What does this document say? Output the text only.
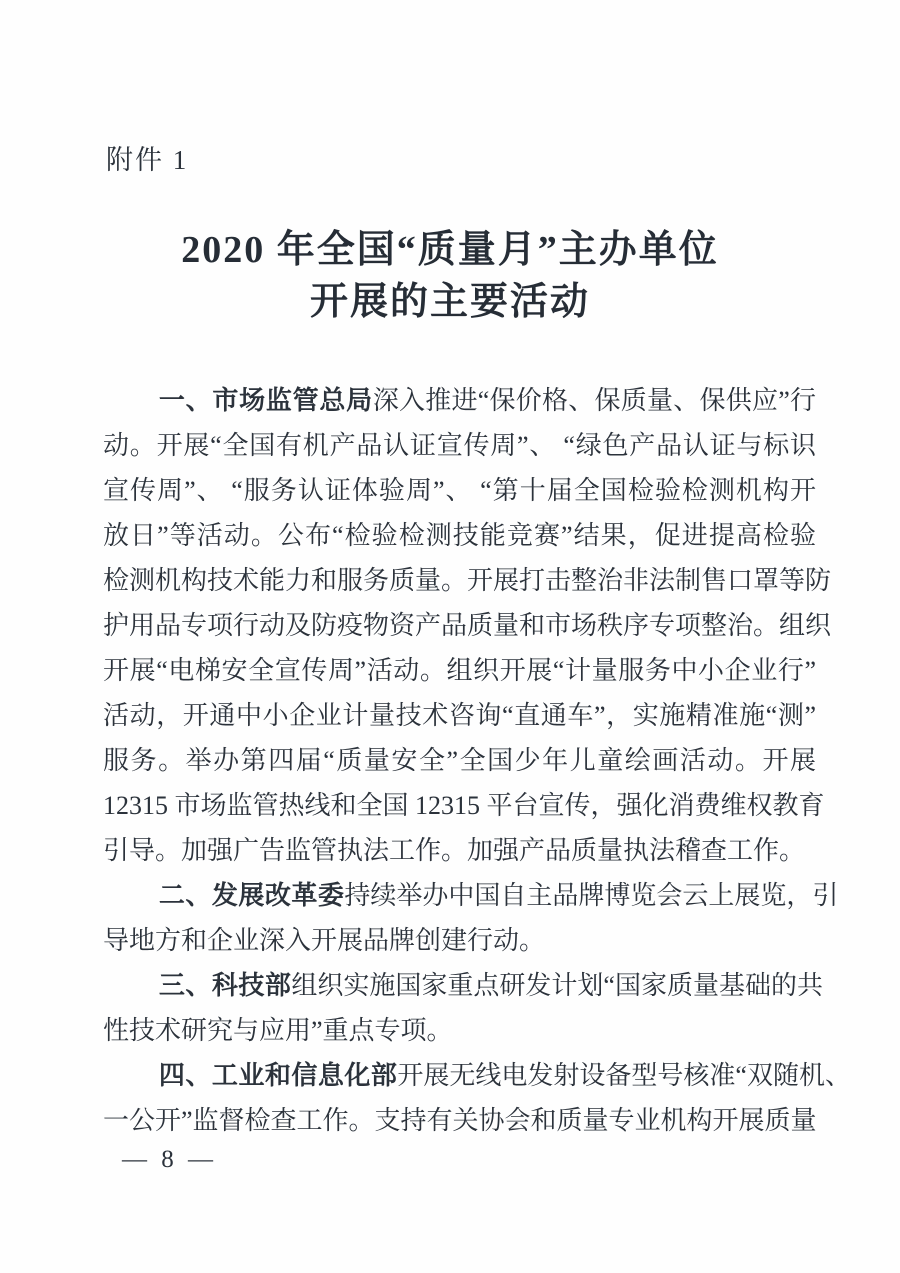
附件 1
2020 年全国“质量月”主办单位
开展的主要活动
一、市场监管总局深入推进“保价格、保质量、保供应”行
动。开展“全国有机产品认证宣传周”、 “绿色产品认证与标识
宣传周”、 “服务认证体验周”、 “第十届全国检验检测机构开
放日”等活动。公布“检验检测技能竞赛”结果，促进提高检验
检测机构技术能力和服务质量。开展打击整治非法制售口罩等防
护用品专项行动及防疫物资产品质量和市场秩序专项整治。组织
开展“电梯安全宣传周”活动。组织开展“计量服务中小企业行”
活动，开通中小企业计量技术咨询“直通车”，实施精准施“测”
服务。举办第四届“质量安全”全国少年儿童绘画活动。开展
12315 市场监管热线和全国 12315 平台宣传，强化消费维权教育
引导。加强广告监管执法工作。加强产品质量执法稽查工作。
二、发展改革委持续举办中国自主品牌博览会云上展览，引
导地方和企业深入开展品牌创建行动。
三、科技部组织实施国家重点研发计划“国家质量基础的共
性技术研究与应用”重点专项。
四、工业和信息化部开展无线电发射设备型号核准“双随机、
一公开”监督检查工作。支持有关协会和质量专业机构开展质量
— 8 —
